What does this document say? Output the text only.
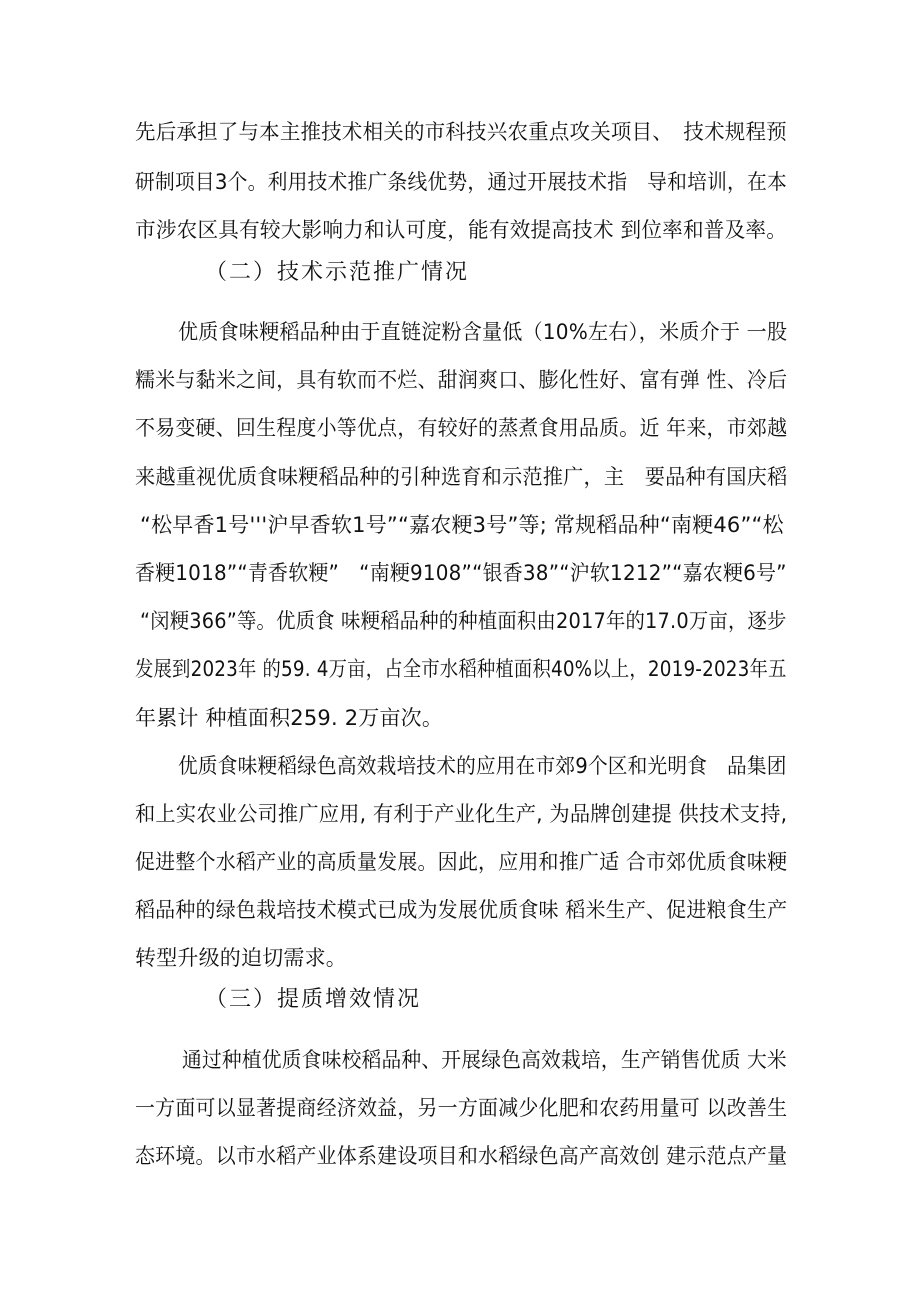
先后承担了与本主推技术相关的市科技兴农重点攻关项目、　技术规程预
研制项目3个。利用技术推广条线优势，通过开展技术指　导和培训，在本
市涉农区具有较大影响力和认可度，能有效提高技术 到位率和普及率。
（二）技术示范推广情况
优质食味粳稻品种由于直链淀粉含量低（10%左右），米质介于 一股
糯米与黏米之间，具有软而不烂、甜润爽口、膨化性好、富有弹 性、冷后
不易变硬、回生程度小等优点，有较好的蒸煮食用品质。近 年来，市郊越
来越重视优质食味粳稻品种的引种选育和示范推广，主　要品种有国庆稻
“松早香1号'''沪早香软1号”“嘉农粳3号”等; 常规稻品种“南粳46”“松
香粳1018”“青香软粳”　“南粳9108”“银香38”“沪软1212”“嘉农粳6号”
“闵粳366”等。优质食 味粳稻品种的种植面积由2017年的17.0万亩，逐步
发展到2023年 的59. 4万亩，占全市水稻种植面积40%以上，2019-2023年五
年累计 种植面积259. 2万亩次。
优质食味粳稻绿色高效栽培技术的应用在市郊9个区和光明食　品集团
和上实农业公司推广应用, 有利于产业化生产, 为品牌创建提 供技术支持,
促进整个水稻产业的高质量发展。因此，应用和推广适 合市郊优质食味粳
稻品种的绿色栽培技术模式已成为发展优质食味 稻米生产、促进粮食生产
转型升级的迫切需求。
（三）提质增效情况
通过种植优质食味校稻品种、开展绿色高效栽培，生产销售优质 大米
一方面可以显著提商经济效益，另一方面减少化肥和农药用量可 以改善生
态环境。以市水稻产业体系建设项目和水稻绿色高产高效创 建示范点产量
